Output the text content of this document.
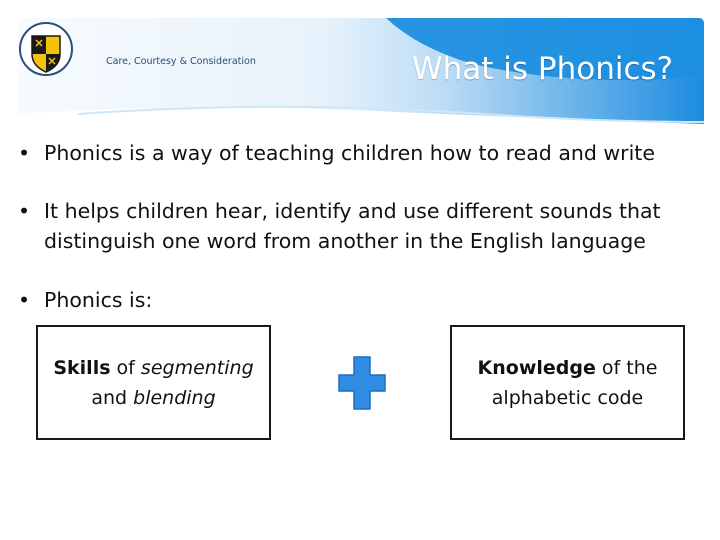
Care, Courtesy & Consideration	What is Phonics?
• Phonics is a way of teaching children how to read and write
• It helps children hear, identify and use different sounds that
distinguish one word from another in the English language
• Phonics is:
Skills of segmenting
and blending
Knowledge of the
alphabetic code
